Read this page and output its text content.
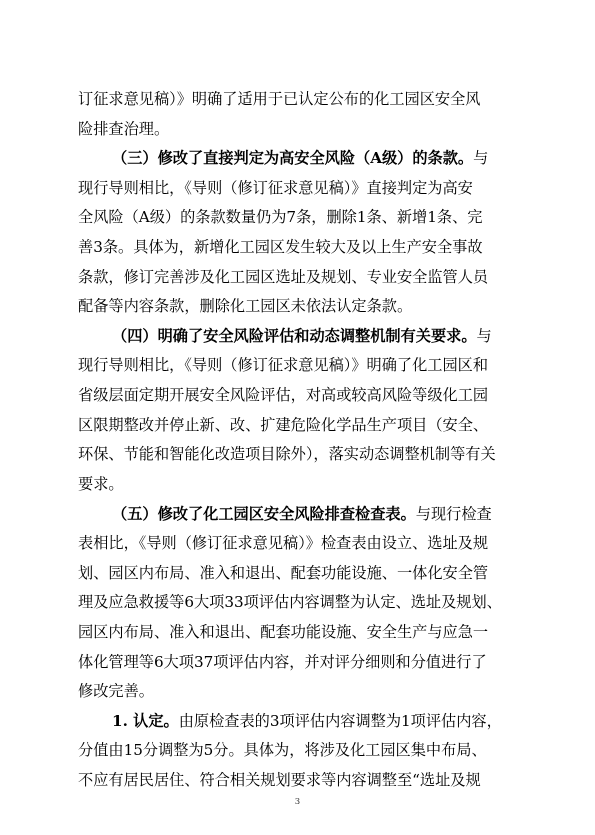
订征求意见稿）》明确了适用于已认定公布的化工园区安全风
险排查治理。
（三）修改了直接判定为高安全风险（A级）的条款。与
现行导则相比，《导则（修订征求意见稿）》直接判定为高安
全风险（A级）的条款数量仍为7条，删除1条、新增1条、完
善3条。具体为，新增化工园区发生较大及以上生产安全事故
条款，修订完善涉及化工园区选址及规划、专业安全监管人员
配备等内容条款，删除化工园区未依法认定条款。
（四）明确了安全风险评估和动态调整机制有关要求。与
现行导则相比，《导则（修订征求意见稿）》明确了化工园区和
省级层面定期开展安全风险评估，对高或较高风险等级化工园
区限期整改并停止新、改、扩建危险化学品生产项目（安全、
环保、节能和智能化改造项目除外），落实动态调整机制等有关
要求。
（五）修改了化工园区安全风险排查检查表。与现行检查
表相比，《导则（修订征求意见稿）》检查表由设立、选址及规
划、园区内布局、准入和退出、配套功能设施、一体化安全管
理及应急救援等6大项33项评估内容调整为认定、选址及规划、
园区内布局、准入和退出、配套功能设施、安全生产与应急一
体化管理等6大项37项评估内容，并对评分细则和分值进行了
修改完善。
1. 认定。由原检查表的3项评估内容调整为1项评估内容，
3
分值由15分调整为5分。具体为，将涉及化工园区集中布局、
不应有居民居住、符合相关规划要求等内容调整至“选址及规
